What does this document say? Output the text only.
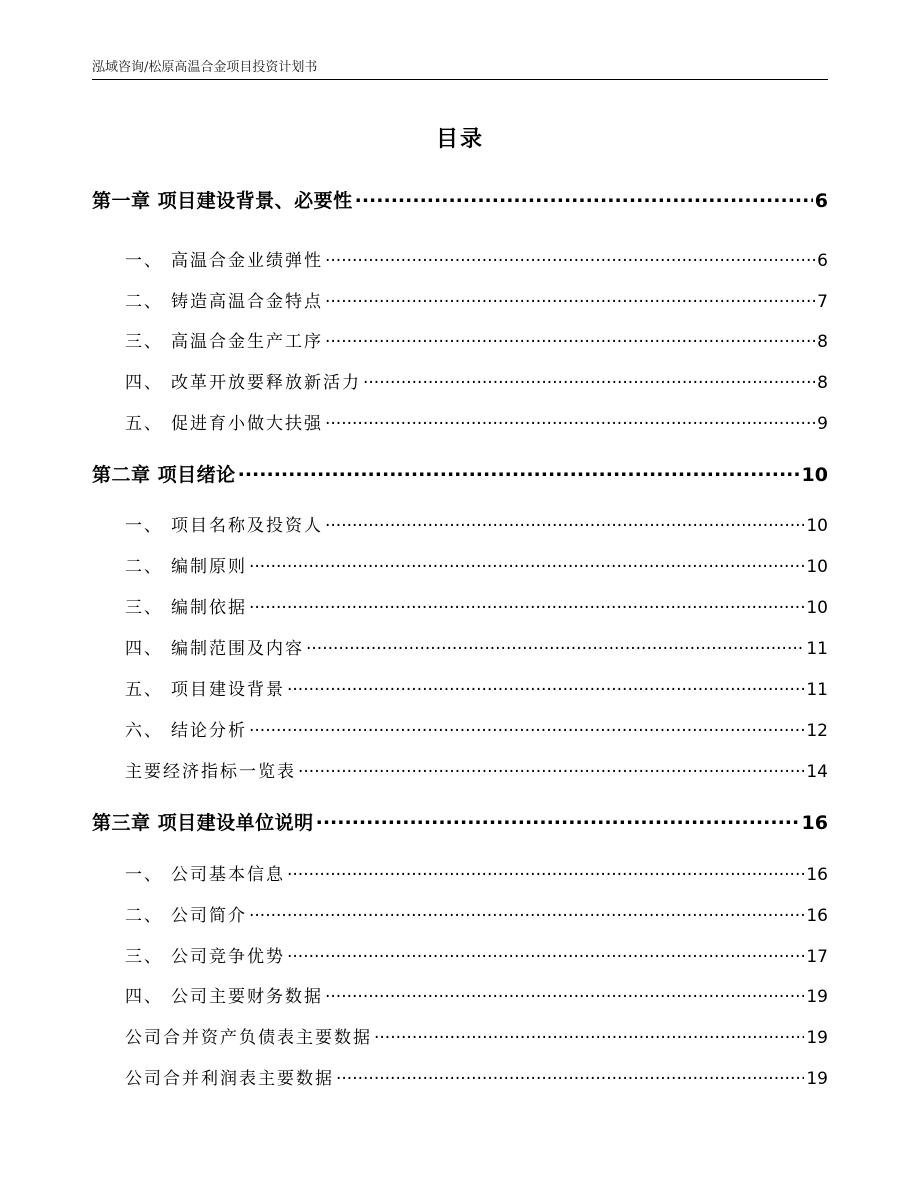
泓域咨询/松原高温合金项目投资计划书
目录
第一章 项目建设背景、必要性 .....	6
一、 高温合金业绩弹性 .....	6
二、 铸造高温合金特点 .....	7
三、 高温合金生产工序 .....	8
四、 改革开放要释放新活力 .....	8
五、 促进育小做大扶强 .....	9
第二章 项目绪论 .....	10
一、 项目名称及投资人 .....	10
二、 编制原则 .....	10
三、 编制依据 .....	10
四、 编制范围及内容 .....	11
五、 项目建设背景 .....	11
六、 结论分析 .....	12
主要经济指标一览表 .....	14
第三章 项目建设单位说明 .....	16
一、 公司基本信息 .....	16
二、 公司简介 .....	16
三、 公司竞争优势 .....	17
四、 公司主要财务数据 .....	19
公司合并资产负债表主要数据 .....	19
公司合并利润表主要数据 .....	19
